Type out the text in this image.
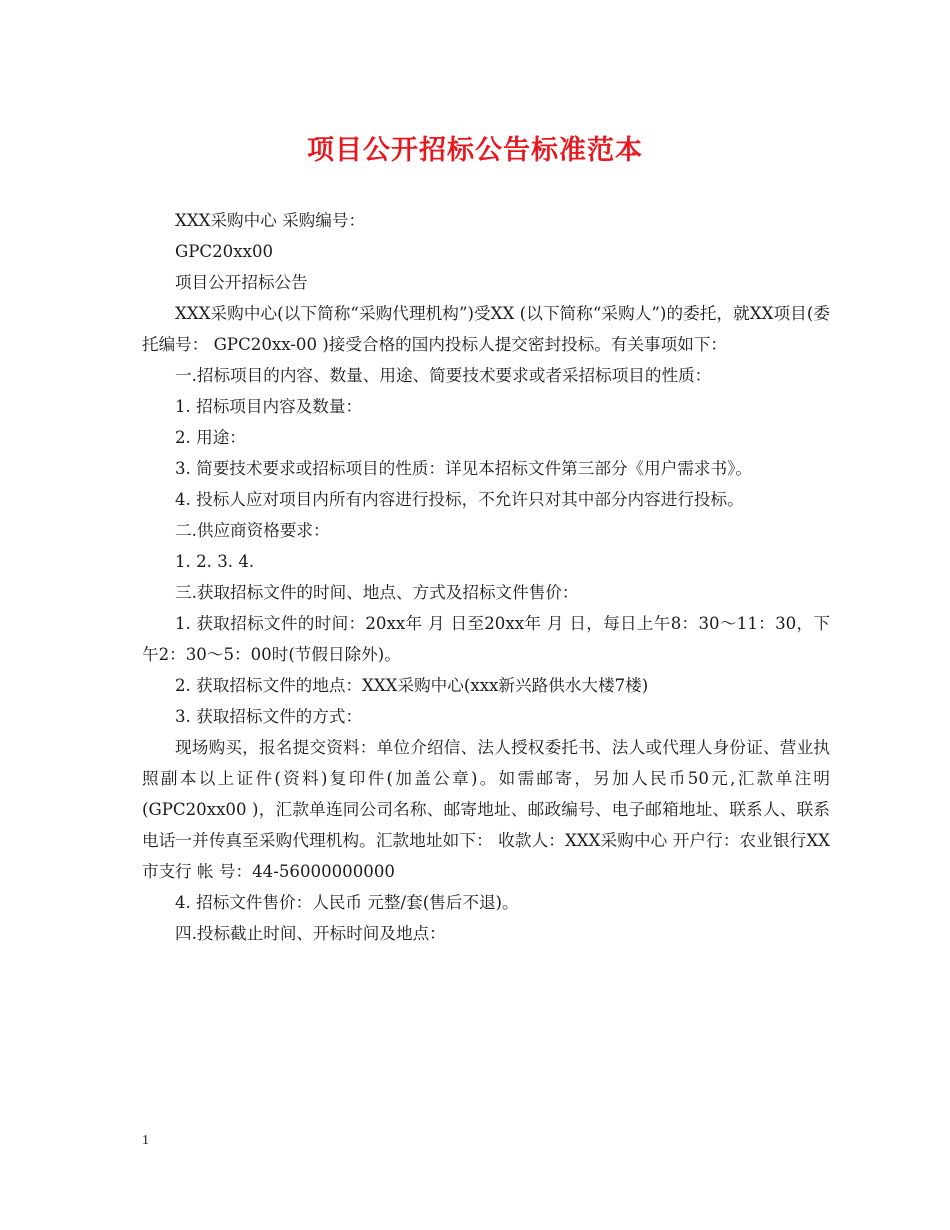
项目公开招标公告标准范本

XXX采购中心 采购编号：

GPC20xx00

项目公开招标公告

XXX采购中心(以下简称“采购代理机构”)受XX (以下简称“采购人”)的委托，就XX项目(委托编号： GPC20xx-00 )接受合格的国内投标人提交密封投标。有关事项如下：

一.招标项目的内容、数量、用途、简要技术要求或者采招标项目的性质：

1. 招标项目内容及数量：

2. 用途：

3. 简要技术要求或招标项目的性质：详见本招标文件第三部分《用户需求书》。

4. 投标人应对项目内所有内容进行投标，不允许只对其中部分内容进行投标。

二.供应商资格要求：

1. 2. 3. 4.

三.获取招标文件的时间、地点、方式及招标文件售价：

1. 获取招标文件的时间：20xx年 月 日至20xx年 月 日，每日上午8：30～11：30，下午2：30～5：00时(节假日除外)。

2. 获取招标文件的地点：XXX采购中心(xxx新兴路供水大楼7楼)

3. 获取招标文件的方式：

现场购买，报名提交资料：单位介绍信、法人授权委托书、法人或代理人身份证、营业执照副本以上证件(资料)复印件(加盖公章)。如需邮寄，另加人民币50元,汇款单注明(GPC20xx00 )，汇款单连同公司名称、邮寄地址、邮政编号、电子邮箱地址、联系人、联系电话一并传真至采购代理机构。汇款地址如下： 收款人：XXX采购中心 开户行：农业银行XX市支行 帐 号：44-56000000000

4. 招标文件售价：人民币 元整/套(售后不退)。

四.投标截止时间、开标时间及地点：

1
